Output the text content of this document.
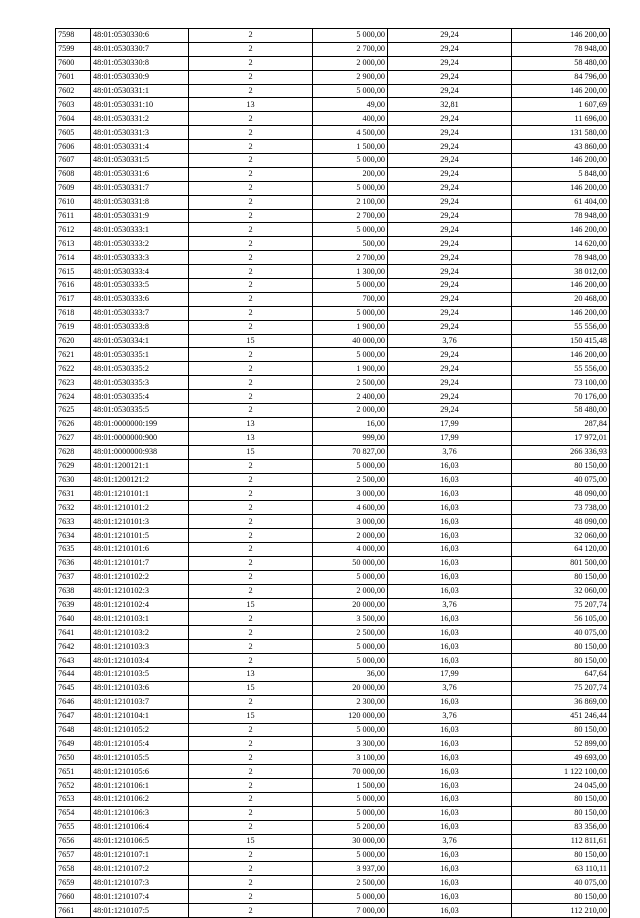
7598	48:01:0530330:6	2	5 000,00	29,24	146 200,00
7599	48:01:0530330:7	2	2 700,00	29,24	78 948,00
7600	48:01:0530330:8	2	2 000,00	29,24	58 480,00
7601	48:01:0530330:9	2	2 900,00	29,24	84 796,00
7602	48:01:0530331:1	2	5 000,00	29,24	146 200,00
7603	48:01:0530331:10	13	49,00	32,81	1 607,69
7604	48:01:0530331:2	2	400,00	29,24	11 696,00
7605	48:01:0530331:3	2	4 500,00	29,24	131 580,00
7606	48:01:0530331:4	2	1 500,00	29,24	43 860,00
7607	48:01:0530331:5	2	5 000,00	29,24	146 200,00
7608	48:01:0530331:6	2	200,00	29,24	5 848,00
7609	48:01:0530331:7	2	5 000,00	29,24	146 200,00
7610	48:01:0530331:8	2	2 100,00	29,24	61 404,00
7611	48:01:0530331:9	2	2 700,00	29,24	78 948,00
7612	48:01:0530333:1	2	5 000,00	29,24	146 200,00
7613	48:01:0530333:2	2	500,00	29,24	14 620,00
7614	48:01:0530333:3	2	2 700,00	29,24	78 948,00
7615	48:01:0530333:4	2	1 300,00	29,24	38 012,00
7616	48:01:0530333:5	2	5 000,00	29,24	146 200,00
7617	48:01:0530333:6	2	700,00	29,24	20 468,00
7618	48:01:0530333:7	2	5 000,00	29,24	146 200,00
7619	48:01:0530333:8	2	1 900,00	29,24	55 556,00
7620	48:01:0530334:1	15	40 000,00	3,76	150 415,48
7621	48:01:0530335:1	2	5 000,00	29,24	146 200,00
7622	48:01:0530335:2	2	1 900,00	29,24	55 556,00
7623	48:01:0530335:3	2	2 500,00	29,24	73 100,00
7624	48:01:0530335:4	2	2 400,00	29,24	70 176,00
7625	48:01:0530335:5	2	2 000,00	29,24	58 480,00
7626	48:01:0000000:199	13	16,00	17,99	287,84
7627	48:01:0000000:900	13	999,00	17,99	17 972,01
7628	48:01:0000000:938	15	70 827,00	3,76	266 336,93
7629	48:01:1200121:1	2	5 000,00	16,03	80 150,00
7630	48:01:1200121:2	2	2 500,00	16,03	40 075,00
7631	48:01:1210101:1	2	3 000,00	16,03	48 090,00
7632	48:01:1210101:2	2	4 600,00	16,03	73 738,00
7633	48:01:1210101:3	2	3 000,00	16,03	48 090,00
7634	48:01:1210101:5	2	2 000,00	16,03	32 060,00
7635	48:01:1210101:6	2	4 000,00	16,03	64 120,00
7636	48:01:1210101:7	2	50 000,00	16,03	801 500,00
7637	48:01:1210102:2	2	5 000,00	16,03	80 150,00
7638	48:01:1210102:3	2	2 000,00	16,03	32 060,00
7639	48:01:1210102:4	15	20 000,00	3,76	75 207,74
7640	48:01:1210103:1	2	3 500,00	16,03	56 105,00
7641	48:01:1210103:2	2	2 500,00	16,03	40 075,00
7642	48:01:1210103:3	2	5 000,00	16,03	80 150,00
7643	48:01:1210103:4	2	5 000,00	16,03	80 150,00
7644	48:01:1210103:5	13	36,00	17,99	647,64
7645	48:01:1210103:6	15	20 000,00	3,76	75 207,74
7646	48:01:1210103:7	2	2 300,00	16,03	36 869,00
7647	48:01:1210104:1	15	120 000,00	3,76	451 246,44
7648	48:01:1210105:2	2	5 000,00	16,03	80 150,00
7649	48:01:1210105:4	2	3 300,00	16,03	52 899,00
7650	48:01:1210105:5	2	3 100,00	16,03	49 693,00
7651	48:01:1210105:6	2	70 000,00	16,03	1 122 100,00
7652	48:01:1210106:1	2	1 500,00	16,03	24 045,00
7653	48:01:1210106:2	2	5 000,00	16,03	80 150,00
7654	48:01:1210106:3	2	5 000,00	16,03	80 150,00
7655	48:01:1210106:4	2	5 200,00	16,03	83 356,00
7656	48:01:1210106:5	15	30 000,00	3,76	112 811,61
7657	48:01:1210107:1	2	5 000,00	16,03	80 150,00
7658	48:01:1210107:2	2	3 937,00	16,03	63 110,11
7659	48:01:1210107:3	2	2 500,00	16,03	40 075,00
7660	48:01:1210107:4	2	5 000,00	16,03	80 150,00
7661	48:01:1210107:5	2	7 000,00	16,03	112 210,00
